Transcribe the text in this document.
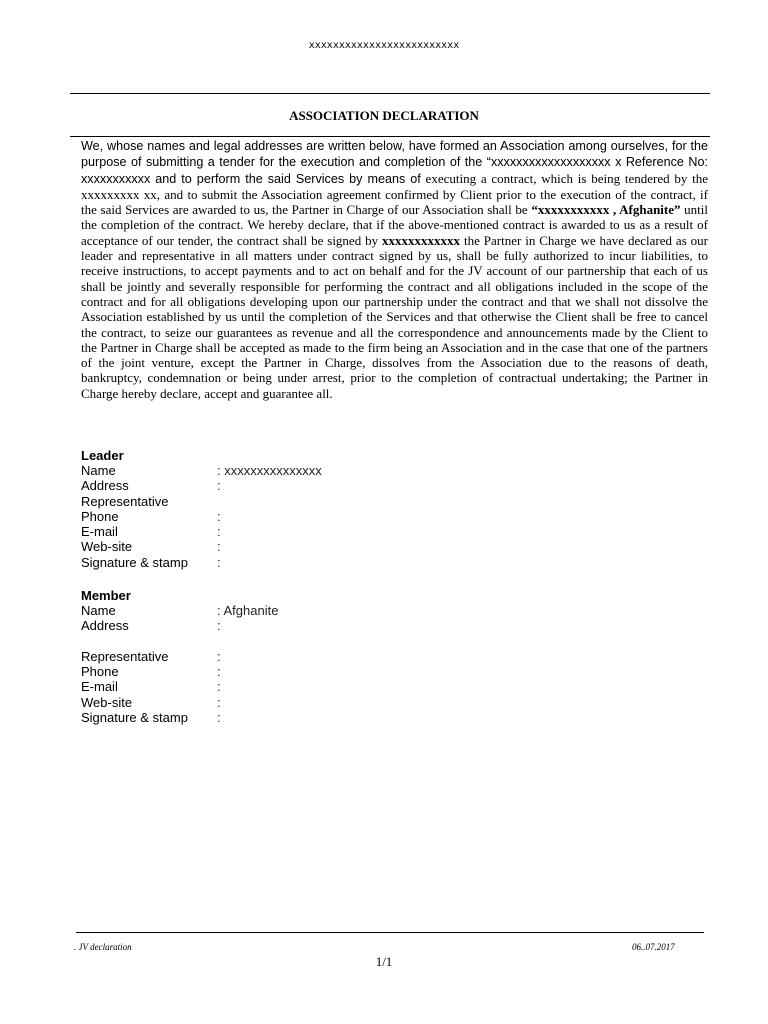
xxxxxxxxxxxxxxxxxxxxxxxxx
ASSOCIATION DECLARATION

We, whose names and legal addresses are written below, have formed an Association among ourselves, for the purpose of submitting a tender for the execution and completion of the “xxxxxxxxxxxxxxxxxxx x Reference No: xxxxxxxxxxx and to perform the said Services by means of executing a contract, which is being tendered by the xxxxxxxxx xx, and to submit the Association agreement confirmed by Client prior to the execution of the contract, if the said Services are awarded to us, the Partner in Charge of our Association shall be “xxxxxxxxxxx , Afghanite” until the completion of the contract. We hereby declare, that if the above-mentioned contract is awarded to us as a result of acceptance of our tender, the contract shall be signed by xxxxxxxxxxxx the Partner in Charge we have declared as our leader and representative in all matters under contract signed by us, shall be fully authorized to incur liabilities, to receive instructions, to accept payments and to act on behalf and for the JV account of our partnership that each of us shall be jointly and severally responsible for performing the contract and all obligations included in the scope of the contract and for all obligations developing upon our partnership under the contract and that we shall not dissolve the Association established by us until the completion of the Services and that otherwise the Client shall be free to cancel the contract, to seize our guarantees as revenue and all the correspondence and announcements made by the Client to the Partner in Charge shall be accepted as made to the firm being an Association and in the case that one of the partners of the joint venture, except the Partner in Charge, dissolves from the Association due to the reasons of death, bankruptcy, condemnation or being under arrest, prior to the completion of contractual undertaking; the Partner in Charge hereby declare, accept and guarantee all.

Leader
Name	: xxxxxxxxxxxxxxx
Address	:
Representative
Phone	:
E-mail	:
Web-site	:
Signature & stamp :
Member
Name	: Afghanite
Address	:
Representative	:
Phone	:
E-mail	:
Web-site	:
Signature & stamp :
. JV declaration	06..07.2017
1/1
